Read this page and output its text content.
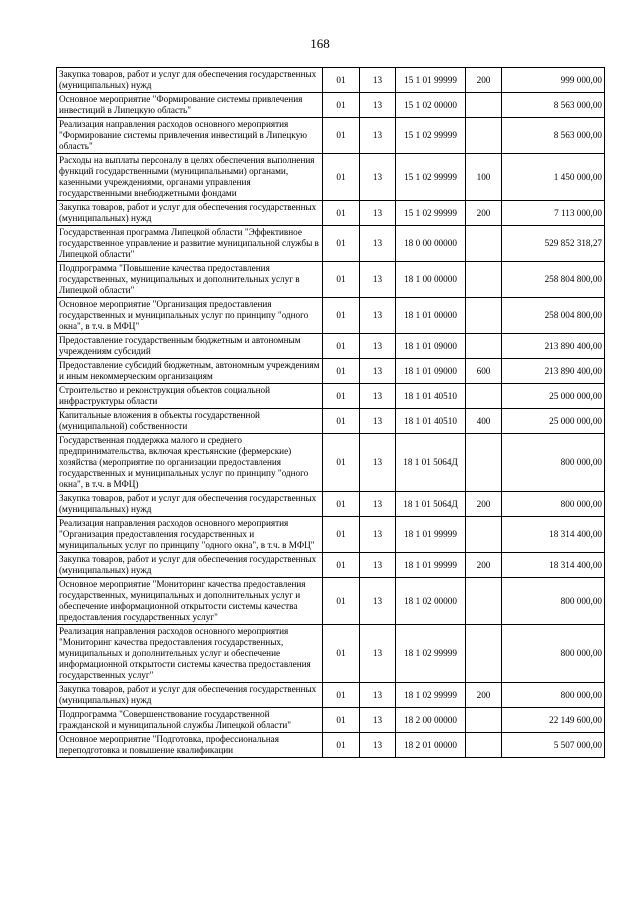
168
Закупка товаров, работ и услуг для обеспечения государственных (муниципальных) нужд	01	13	15 1 01 99999	200	999 000,00
Основное мероприятие "Формирование системы привлечения инвестиций в Липецкую область"	01	13	15 1 02 00000		8 563 000,00
Реализация направления расходов основного мероприятия "Формирование системы привлечения инвестиций в Липецкую область"	01	13	15 1 02 99999		8 563 000,00
Расходы на выплаты персоналу в целях обеспечения выполнения функций государственными (муниципальными) органами, казенными учреждениями, органами управления государственными внебюджетными фондами	01	13	15 1 02 99999	100	1 450 000,00
Закупка товаров, работ и услуг для обеспечения государственных (муниципальных) нужд	01	13	15 1 02 99999	200	7 113 000,00
Государственная программа Липецкой области "Эффективное государственное управление и развитие муниципальной службы в Липецкой области"	01	13	18 0 00 00000		529 852 318,27
Подпрограмма "Повышение качества предоставления государственных, муниципальных и дополнительных услуг в Липецкой области"	01	13	18 1 00 00000		258 804 800,00
Основное мероприятие "Организация предоставления государственных и муниципальных услуг по принципу "одного окна", в т.ч. в МФЦ"	01	13	18 1 01 00000		258 004 800,00
Предоставление государственным бюджетным и автономным учреждениям субсидий	01	13	18 1 01 09000		213 890 400,00
Предоставление субсидий бюджетным, автономным учреждениям и иным некоммерческим организациям	01	13	18 1 01 09000	600	213 890 400,00
Строительство и реконструкция объектов социальной инфраструктуры области	01	13	18 1 01 40510		25 000 000,00
Капитальные вложения в объекты государственной (муниципальной) собственности	01	13	18 1 01 40510	400	25 000 000,00
Государственная поддержка малого и среднего предпринимательства, включая крестьянские (фермерские) хозяйства (мероприятие по организации предоставления государственных и муниципальных услуг по принципу "одного окна", в т.ч. в МФЦ)	01	13	18 1 01 5064Д		800 000,00
Закупка товаров, работ и услуг для обеспечения государственных (муниципальных) нужд	01	13	18 1 01 5064Д	200	800 000,00
Реализация направления расходов основного мероприятия "Организация предоставления государственных и муниципальных услуг по принципу "одного окна", в т.ч. в МФЦ"	01	13	18 1 01 99999		18 314 400,00
Закупка товаров, работ и услуг для обеспечения государственных (муниципальных) нужд	01	13	18 1 01 99999	200	18 314 400,00
Основное мероприятие "Мониторинг качества предоставления государственных, муниципальных и дополнительных услуг и обеспечение информационной открытости системы качества предоставления государственных услуг"	01	13	18 1 02 00000		800 000,00
Реализация направления расходов основного мероприятия "Мониторинг качества предоставления государственных, муниципальных и дополнительных услуг и обеспечение информационной открытости системы качества предоставления государственных услуг"	01	13	18 1 02 99999		800 000,00
Закупка товаров, работ и услуг для обеспечения государственных (муниципальных) нужд	01	13	18 1 02 99999	200	800 000,00
Подпрограмма "Совершенствование государственной гражданской и муниципальной службы Липецкой области"	01	13	18 2 00 00000		22 149 600,00
Основное мероприятие "Подготовка, профессиональная переподготовка и повышение квалификации	01	13	18 2 01 00000		5 507 000,00
